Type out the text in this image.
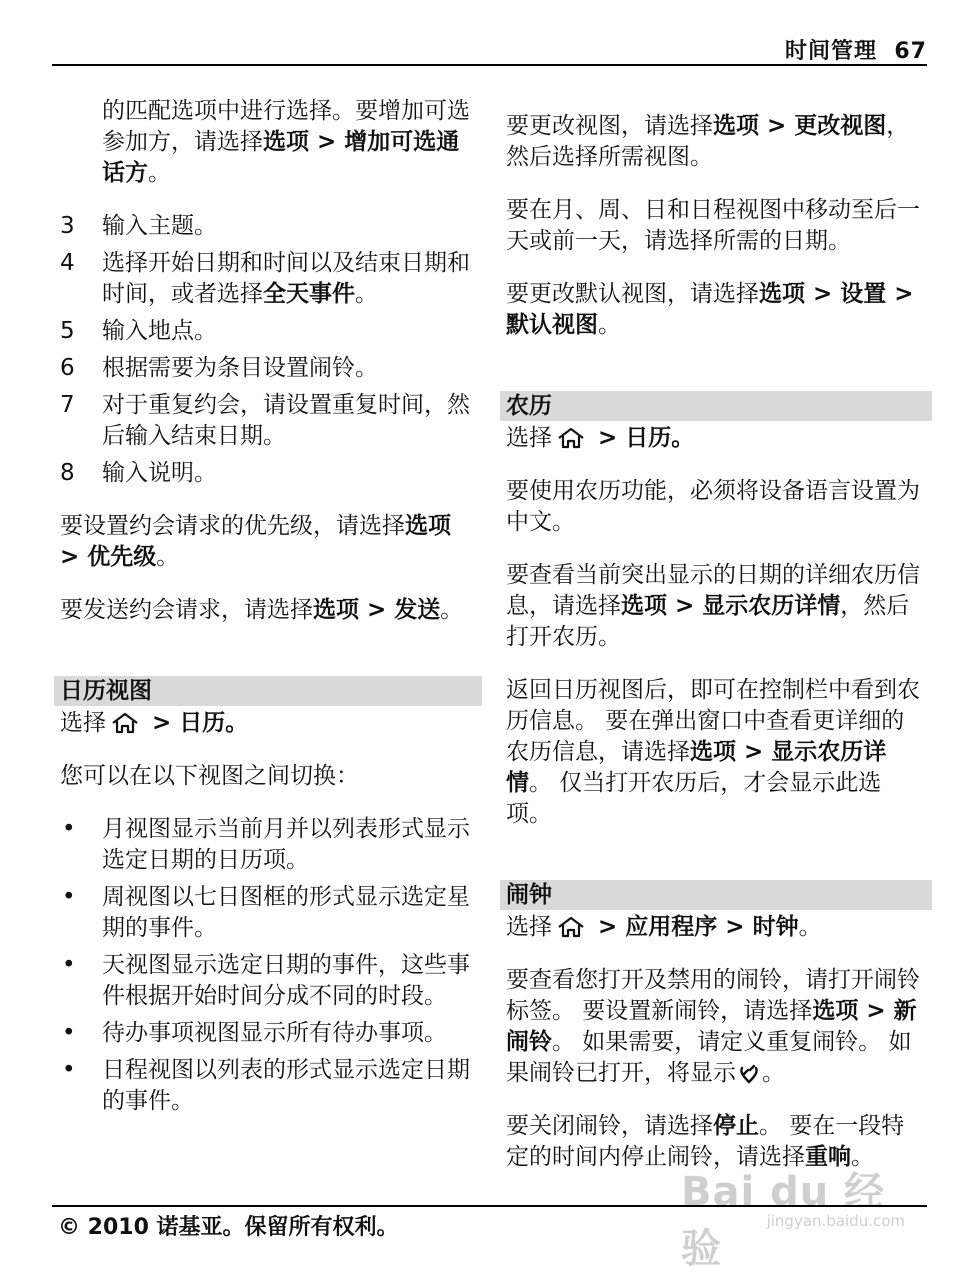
时间管理 67

的匹配选项中进行选择。要增加可选参加方，请选择选项 > 增加可选通话方。

3	输入主题。
4	选择开始日期和时间以及结束日期和时间，或者选择全天事件。
5	输入地点。
6	根据需要为条目设置闹铃。
7	对于重复约会，请设置重复时间，然后输入结束日期。
8	输入说明。

要设置约会请求的优先级，请选择选项 > 优先级。

要发送约会请求，请选择选项 > 发送。

日历视图

选择 > 日历。

您可以在以下视图之间切换：

• 月视图显示当前月并以列表形式显示选定日期的日历项。
• 周视图以七日图框的形式显示选定星期的事件。
• 天视图显示选定日期的事件，这些事件根据开始时间分成不同的时段。
• 待办事项视图显示所有待办事项。
• 日程视图以列表的形式显示选定日期的事件。

要更改视图，请选择选项 > 更改视图，然后选择所需视图。

要在月、周、日和日程视图中移动至后一天或前一天，请选择所需的日期。

要更改默认视图，请选择选项 > 设置 > 默认视图。

农历

选择 > 日历。

要使用农历功能，必须将设备语言设置为中文。

要查看当前突出显示的日期的详细农历信息，请选择选项 > 显示农历详情，然后打开农历。

返回日历视图后，即可在控制栏中看到农历信息。 要在弹出窗口中查看更详细的农历信息，请选择选项 > 显示农历详情。 仅当打开农历后，才会显示此选项。

闹钟

选择 > 应用程序 > 时钟。

要查看您打开及禁用的闹铃，请打开闹铃标签。 要设置新闹铃，请选择选项 > 新闹铃。 如果需要，请定义重复闹铃。 如果闹铃已打开，将显示 。

要关闭闹铃，请选择停止。 要在一段特定的时间内停止闹铃，请选择重响。

Bai du 经验
jingyan.baidu.com
© 2010 诺基亚。保留所有权利。
